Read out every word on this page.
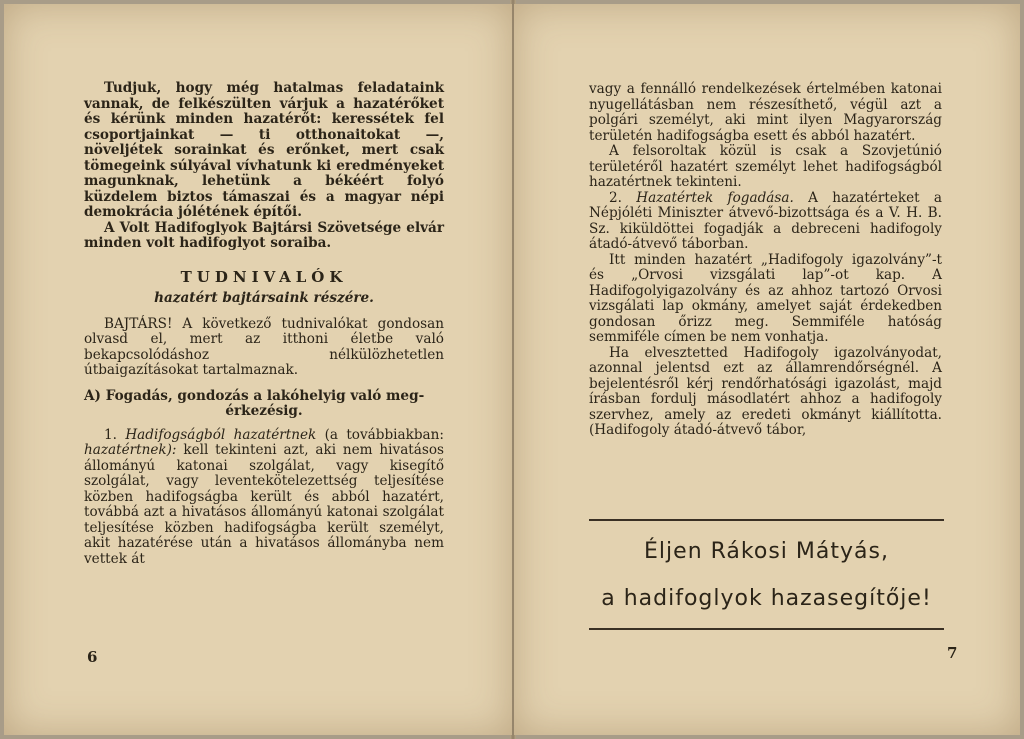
Tudjuk, hogy még hatalmas feladataink vannak, de felkészülten várjuk a hazatérőket és kérünk minden hazatérőt: keressétek fel csoportjainkat — ti otthonaitokat —, növeljétek sorainkat és erőnket, mert csak tömegeink súlyával vívhatunk ki eredményeket magunknak, lehetünk a békéért folyó küzdelem biztos támaszai és a magyar népi demokrácia jólétének építői.

A Volt Hadifoglyok Bajtársi Szövetsége elvár minden volt hadifoglyot soraiba.

TUDNIVALÓK

hazatért bajtársaink részére.

BAJTÁRS! A következő tudnivalókat gondosan olvasd el, mert az itthoni életbe való bekapcsolódáshoz nélkülözhetetlen útbaigazításokat tartalmaznak.

A) Fogadás, gondozás a lakóhelyig való meg-

érkezésig.

1. Hadifogságból hazatértnek (a továbbiakban: hazatértnek): kell tekinteni azt, aki nem hivatásos állományú katonai szolgálat, vagy kisegítő szolgálat, vagy leventekötelezettség teljesítése közben hadifogságba került és abból hazatért, továbbá azt a hivatásos állományú katonai szolgálat teljesítése közben hadifogságba került személyt, akit hazatérése után a hivatásos állományba nem vettek át

6

vagy a fennálló rendelkezések értelmében katonai nyugellátásban nem részesíthető, végül azt a polgári személyt, aki mint ilyen Magyarország területén hadifogságba esett és abból hazatért.

A felsoroltak közül is csak a Szovjetúnió területéről hazatért személyt lehet hadifogságból hazatértnek tekinteni.

2. Hazatértek fogadása. A hazatérteket a Népjóléti Miniszter átvevő-bizottsága és a V. H. B. Sz. kiküldöttei fogadják a debreceni hadifogoly átadó-átvevő táborban.

Itt minden hazatért „Hadifogoly igazolvány”-t és „Orvosi vizsgálati lap”-ot kap. A Hadifogolyigazolvány és az ahhoz tartozó Orvosi vizsgálati lap okmány, amelyet saját érdekedben gondosan őrizz meg. Semmiféle hatóság semmiféle címen be nem vonhatja.

Ha elvesztetted Hadifogoly igazolványodat, azonnal jelentsd ezt az államrendőrségnél. A bejelentésről kérj rendőrhatósági igazolást, majd írásban fordulj másodlatért ahhoz a hadifogoly szervhez, amely az eredeti okmányt kiállította. (Hadifogoly átadó-átvevő tábor,

Éljen Rákosi Mátyás,
a hadifoglyok hazasegítője!
7
